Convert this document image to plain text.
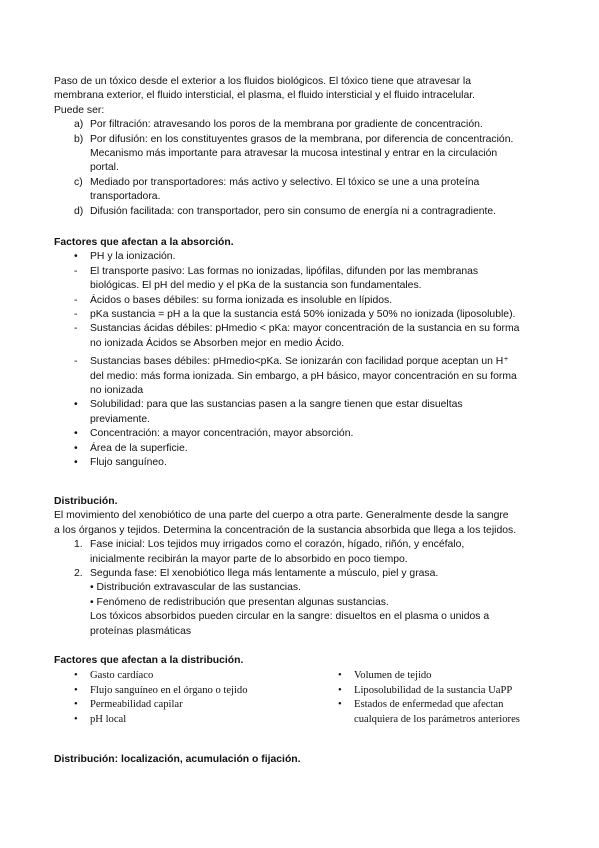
Paso de un tóxico desde el exterior a los fluidos biológicos. El tóxico tiene que atravesar la

membrana exterior, el fluido intersticial, el plasma, el fluido intersticial y el fluido intracelular.

Puede ser:

a) Por filtración: atravesando los poros de la membrana por gradiente de concentración.

b) Por difusión: en los constituyentes grasos de la membrana, por diferencia de concentración.

Mecanismo más importante para atravesar la mucosa intestinal y entrar en la circulación

portal.

c) Mediado por transportadores: más activo y selectivo. El tóxico se une a una proteína

transportadora.

d) Difusión facilitada: con transportador, pero sin consumo de energía ni a contragradiente.

Factores que afectan a la absorción.

• PH y la ionización.

- El transporte pasivo: Las formas no ionizadas, lipófilas, difunden por las membranas

biológicas. El pH del medio y el pKa de la sustancia son fundamentales.

- Ácidos o bases débiles: su forma ionizada es insoluble en lípidos.

- pKa sustancia = pH a la que la sustancia está 50% ionizada y 50% no ionizada (liposoluble).

- Sustancias ácidas débiles: pHmedio < pKa: mayor concentración de la sustancia en su forma

no ionizada Ácidos se Absorben mejor en medio Ácido.

- Sustancias bases débiles: pHmedio<pKa. Se ionizarán con facilidad porque aceptan un H⁺

del medio: más forma ionizada. Sin embargo, a pH básico, mayor concentración en su forma

no ionizada

• Solubilidad: para que las sustancias pasen a la sangre tienen que estar disueltas

previamente.

• Concentración: a mayor concentración, mayor absorción.

• Área de la superficie.

• Flujo sanguíneo.

Distribución.

El movimiento del xenobiótico de una parte del cuerpo a otra parte. Generalmente desde la sangre

a los órganos y tejidos. Determina la concentración de la sustancia absorbida que llega a los tejidos.

1. Fase inicial: Los tejidos muy irrigados como el corazón, hígado, riñón, y encéfalo,

inicialmente recibirán la mayor parte de lo absorbido en poco tiempo.

2. Segunda fase: El xenobiótico llega más lentamente a músculo, piel y grasa.

• Distribución extravascular de las sustancias.

• Fenómeno de redistribución que presentan algunas sustancias.

Los tóxicos absorbidos pueden circular en la sangre: disueltos en el plasma o unidos a

proteínas plasmáticas

Factores que afectan a la distribución.

• Gasto cardíaco

• Flujo sanguíneo en el órgano o tejido

• Permeabilidad capilar

• pH local

• Volumen de tejido

• Liposolubilidad de la sustancia UaPP

• Estados de enfermedad que afectan

cualquiera de los parámetros anteriores

Distribución: localización, acumulación o fijación.
